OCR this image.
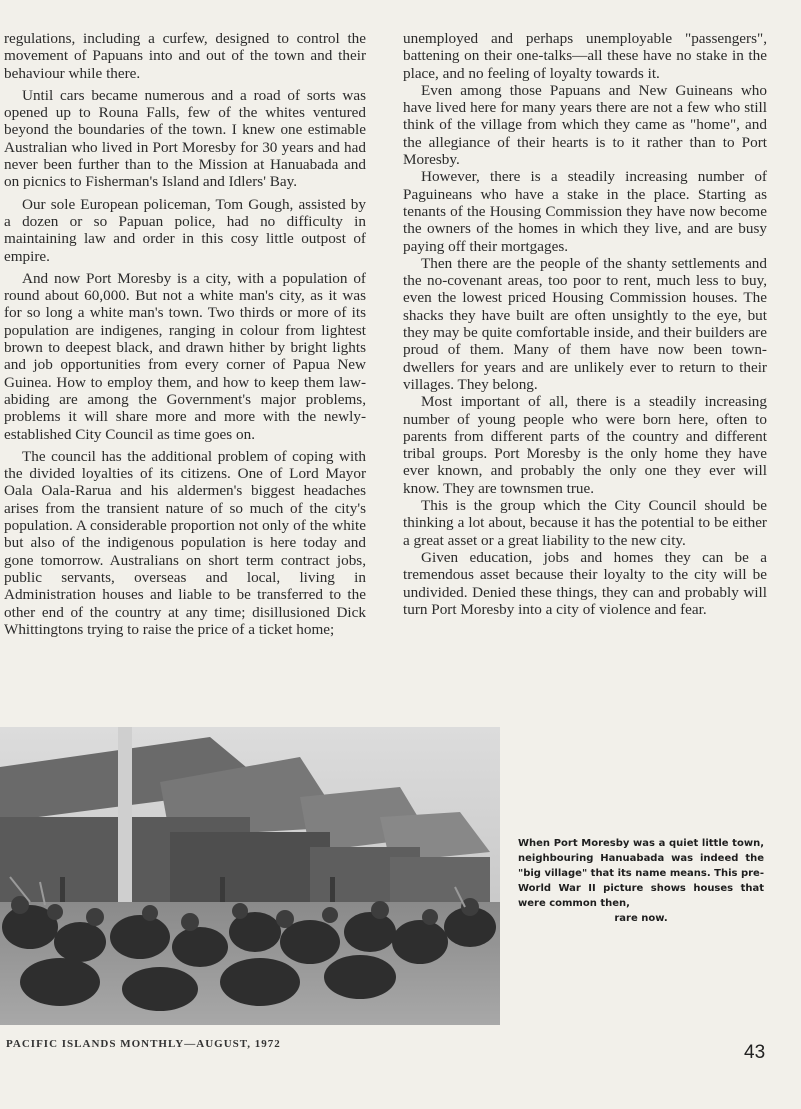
regulations, including a curfew, designed to control the movement of Papuans into and out of the town and their behaviour while there.

Until cars became numerous and a road of sorts was opened up to Rouna Falls, few of the whites ventured beyond the boundaries of the town. I knew one estimable Australian who lived in Port Moresby for 30 years and had never been further than to the Mission at Hanuabada and on picnics to Fisherman's Island and Idlers' Bay.

Our sole European policeman, Tom Gough, assisted by a dozen or so Papuan police, had no difficulty in maintaining law and order in this cosy little outpost of empire.

And now Port Moresby is a city, with a population of round about 60,000. But not a white man's city, as it was for so long a white man's town. Two thirds or more of its population are indigenes, ranging in colour from lightest brown to deepest black, and drawn hither by bright lights and job opportunities from every corner of Papua New Guinea. How to employ them, and how to keep them law-abiding are among the Government's major problems, problems it will share more and more with the newly-established City Council as time goes on.

The council has the additional problem of coping with the divided loyalties of its citizens. One of Lord Mayor Oala Oala-Rarua and his aldermen's biggest headaches arises from the transient nature of so much of the city's population. A considerable proportion not only of the white but also of the indigenous population is here today and gone tomorrow. Australians on short term contract jobs, public servants, overseas and local, living in Administration houses and liable to be transferred to the other end of the country at any time; disillusioned Dick Whittingtons trying to raise the price of a ticket home;

unemployed and perhaps unemployable "passengers", battening on their one-talks—all these have no stake in the place, and no feeling of loyalty towards it.

Even among those Papuans and New Guineans who have lived here for many years there are not a few who still think of the village from which they came as "home", and the allegiance of their hearts is to it rather than to Port Moresby.

However, there is a steadily increasing number of Paguineans who have a stake in the place. Starting as tenants of the Housing Commission they have now become the owners of the homes in which they live, and are busy paying off their mortgages.

Then there are the people of the shanty settlements and the no-covenant areas, too poor to rent, much less to buy, even the lowest priced Housing Commission houses. The shacks they have built are often unsightly to the eye, but they may be quite comfortable inside, and their builders are proud of them. Many of them have now been town-dwellers for years and are unlikely ever to return to their villages. They belong.

Most important of all, there is a steadily increasing number of young people who were born here, often to parents from different parts of the country and different tribal groups. Port Moresby is the only home they have ever known, and probably the only one they ever will know. They are townsmen true.

This is the group which the City Council should be thinking a lot about, because it has the potential to be either a great asset or a great liability to the new city.

Given education, jobs and homes they can be a tremendous asset because their loyalty to the city will be undivided. Denied these things, they can and probably will turn Port Moresby into a city of violence and fear.

When Port Moresby was a quiet little town, neighbouring Hanuabada was indeed the "big village" that its name means. This pre-World War II picture shows houses that were common then,
rare now.
PACIFIC ISLANDS MONTHLY—AUGUST, 1972	43
